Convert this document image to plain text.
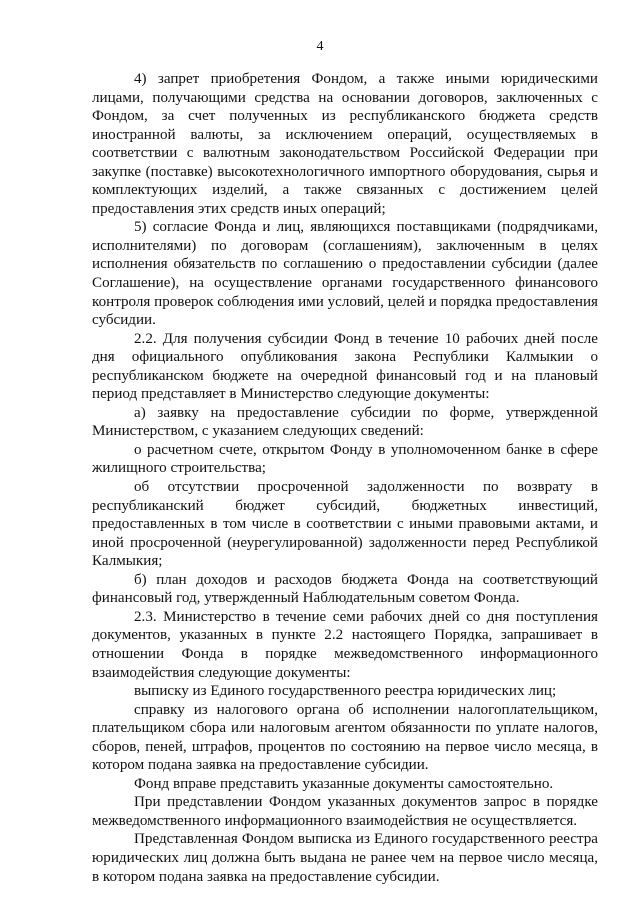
4

4) запрет приобретения Фондом, а также иными юридическими лицами, получающими средства на основании договоров, заключенных с Фондом, за счет полученных из республиканского бюджета средств иностранной валюты, за исключением операций, осуществляемых в соответствии с валютным законодательством Российской Федерации при закупке (поставке) высокотехнологичного импортного оборудования, сырья и комплектующих изделий, а также связанных с достижением целей предоставления этих средств иных операций;

5) согласие Фонда и лиц, являющихся поставщиками (подрядчиками, исполнителями) по договорам (соглашениям), заключенным в целях исполнения обязательств по соглашению о предоставлении субсидии (далее Соглашение), на осуществление органами государственного финансового контроля проверок соблюдения ими условий, целей и порядка предоставления субсидии.

2.2. Для получения субсидии Фонд в течение 10 рабочих дней после дня официального опубликования закона Республики Калмыкии о республиканском бюджете на очередной финансовый год и на плановый период представляет в Министерство следующие документы:

а) заявку на предоставление субсидии по форме, утвержденной Министерством, с указанием следующих сведений:

о расчетном счете, открытом Фонду в уполномоченном банке в сфере жилищного строительства;

об отсутствии просроченной задолженности по возврату в республиканский бюджет субсидий, бюджетных инвестиций, предоставленных в том числе в соответствии с иными правовыми актами, и иной просроченной (неурегулированной) задолженности перед Республикой Калмыкия;

б) план доходов и расходов бюджета Фонда на соответствующий финансовый год, утвержденный Наблюдательным советом Фонда.

2.3. Министерство в течение семи рабочих дней со дня поступления документов, указанных в пункте 2.2 настоящего Порядка, запрашивает в отношении Фонда в порядке межведомственного информационного взаимодействия следующие документы:

выписку из Единого государственного реестра юридических лиц;

справку из налогового органа об исполнении налогоплательщиком, плательщиком сбора или налоговым агентом обязанности по уплате налогов, сборов, пеней, штрафов, процентов по состоянию на первое число месяца, в котором подана заявка на предоставление субсидии.

Фонд вправе представить указанные документы самостоятельно.

При представлении Фондом указанных документов запрос в порядке межведомственного информационного взаимодействия не осуществляется.

Представленная Фондом выписка из Единого государственного реестра юридических лиц должна быть выдана не ранее чем на первое число месяца, в котором подана заявка на предоставление субсидии.
